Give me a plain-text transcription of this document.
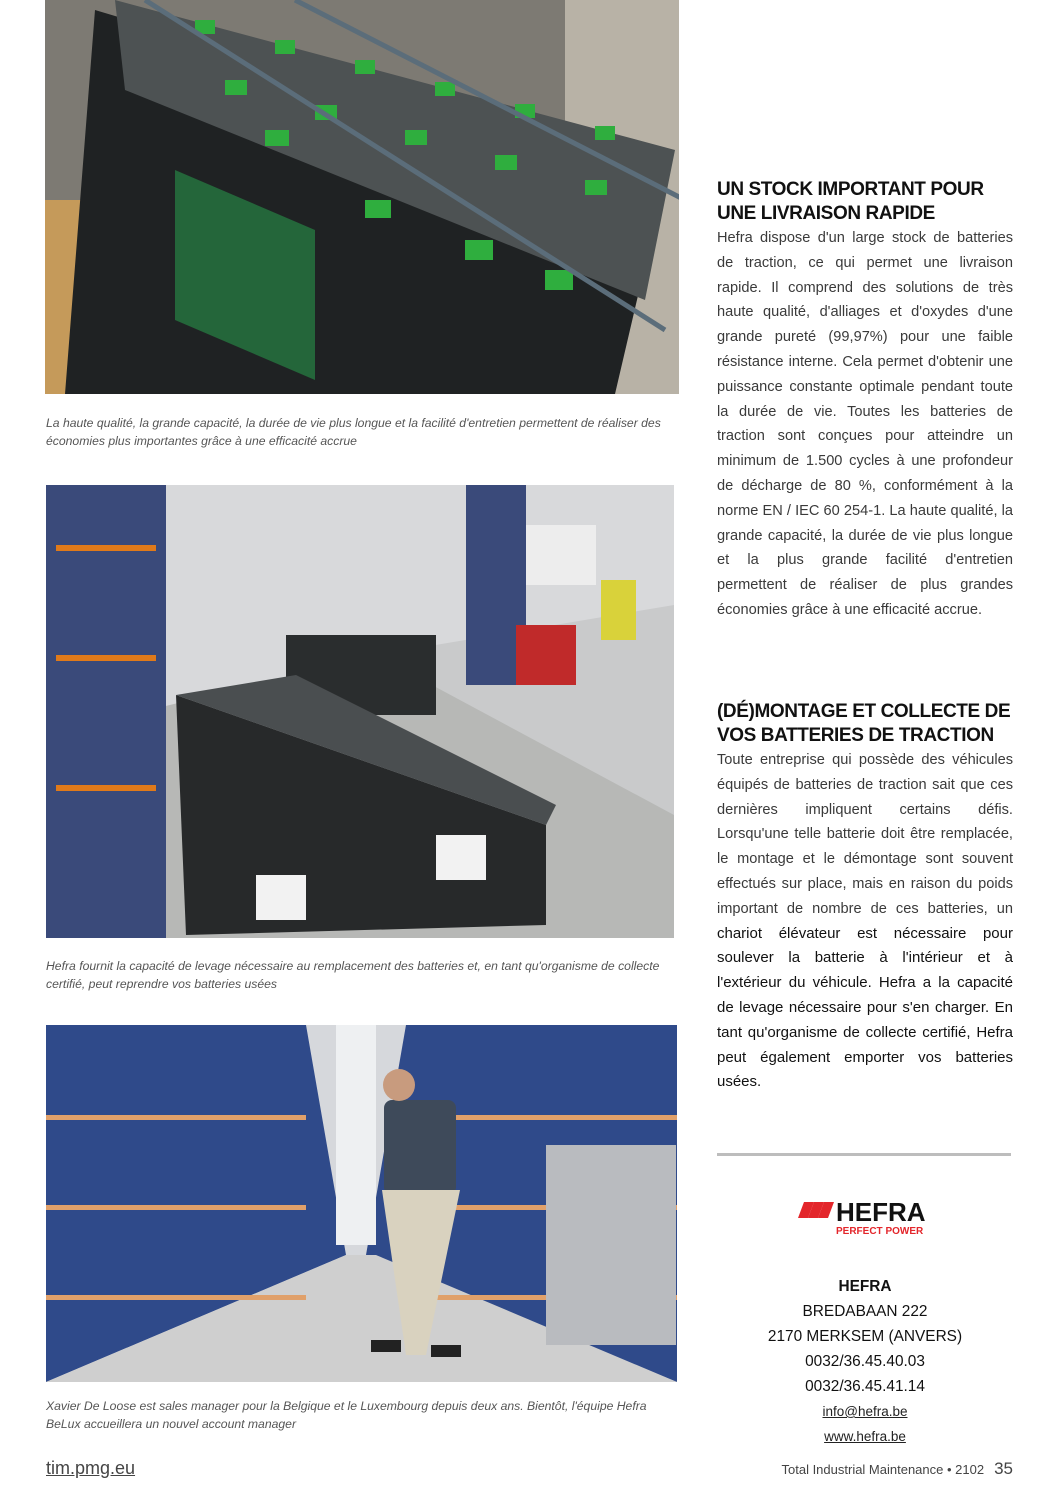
La haute qualité, la grande capacité, la durée de vie plus longue et la facilité d'entretien permettent de réaliser des économies plus importantes grâce à une efficacité accrue
Hefra fournit la capacité de levage nécessaire au remplacement des batteries et, en tant qu'organisme de collecte certifié, peut reprendre vos batteries usées
Xavier De Loose est sales manager pour la Belgique et le Luxembourg depuis deux ans. Bientôt, l'équipe Hefra BeLux accueillera un nouvel account manager
UN STOCK IMPORTANT POUR
UNE LIVRAISON RAPIDE

Hefra dispose d'un large stock de batteries de traction, ce qui permet une livraison rapide. Il comprend des solutions de très haute qualité, d'alliages et d'oxydes d'une grande pureté (99,97%) pour une faible résistance interne. Cela permet d'obtenir une puissance constante optimale pendant toute la durée de vie. Toutes les batteries de traction sont conçues pour atteindre un minimum de 1.500 cycles à une profondeur de décharge de 80 %, conformément à la norme EN / IEC 60 254-1. La haute qualité, la grande capacité, la durée de vie plus longue et la plus grande facilité d'entretien permettent de réaliser de plus grandes économies grâce à une efficacité accrue.

(DÉ)MONTAGE ET COLLECTE DE
VOS BATTERIES DE TRACTION

Toute entreprise qui possède des véhicules équipés de batteries de traction sait que ces dernières impliquent certains défis. Lorsqu'une telle batterie doit être remplacée, le montage et le démontage sont souvent effectués sur place, mais en raison du poids important de nombre de ces batteries, un chariot élévateur est nécessaire pour soulever la batterie à l'intérieur et à l'extérieur du véhicule. Hefra a la capacité de levage nécessaire pour s'en charger. En tant qu'organisme de collecte certifié, Hefra peut également emporter vos batteries usées.

HEFRA
PERFECT POWER
HEFRA
BREDABAAN 222
2170 MERKSEM (ANVERS)
0032/36.45.40.03
0032/36.45.41.14
info@hefra.be
www.hefra.be
tim.pmg.eu	Total Industrial Maintenance • 2102 35
